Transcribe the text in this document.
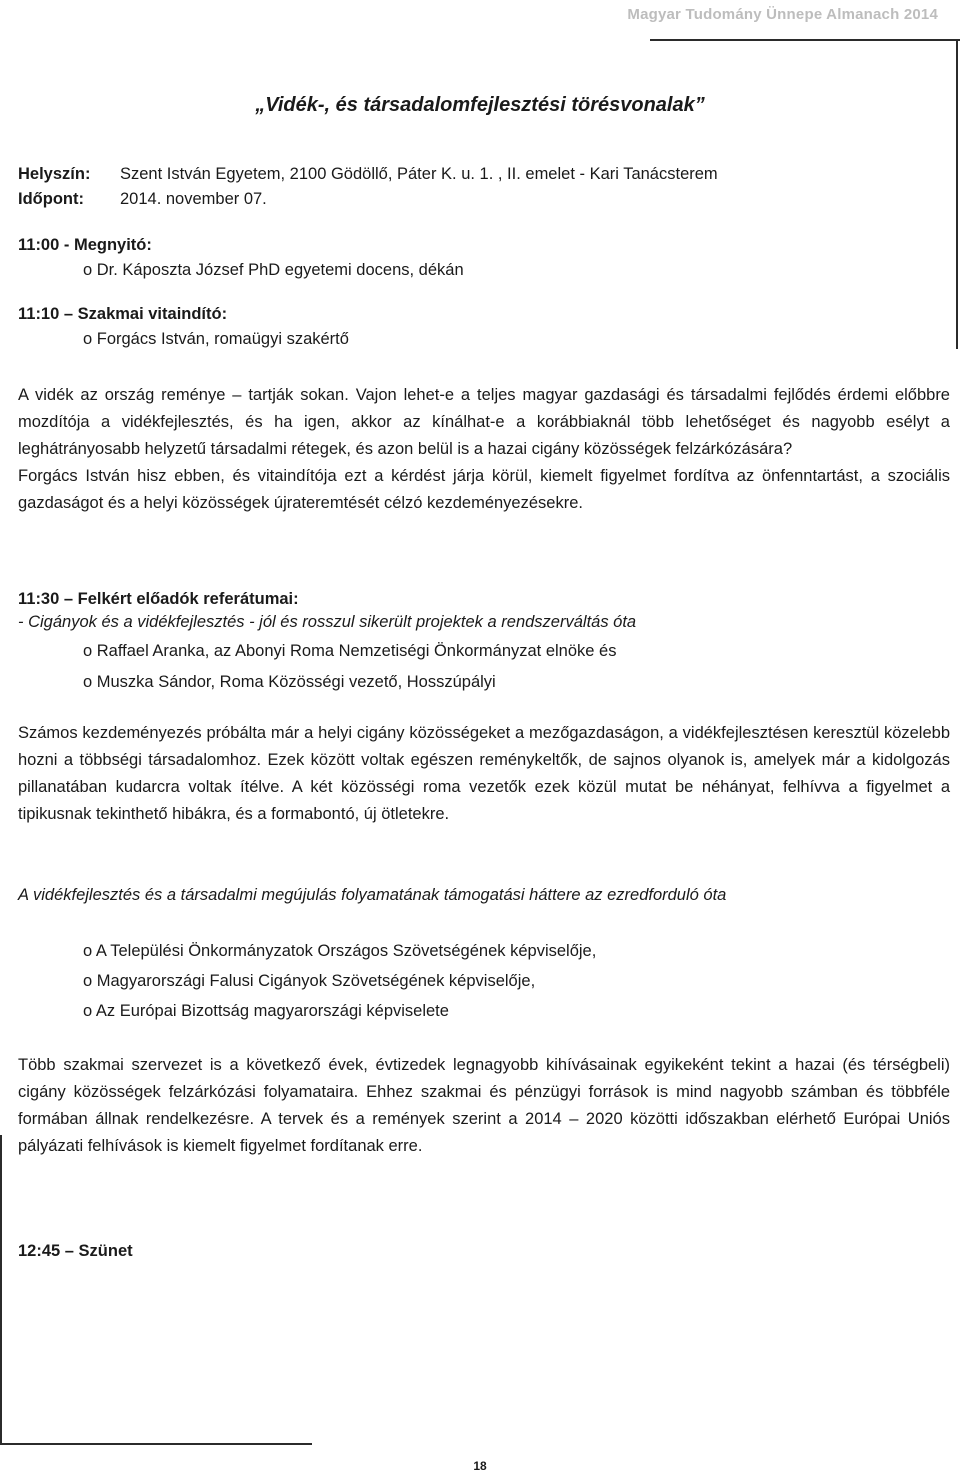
Magyar Tudomány Ünnepe Almanach 2014
„Vidék-, és társadalomfejlesztési törésvonalak”
Helyszín: Szent István Egyetem, 2100 Gödöllő, Páter K. u. 1. , II. emelet - Kari Tanácsterem
Időpont: 2014. november 07.
11:00 - Megnyitó:
o Dr. Káposzta József PhD egyetemi docens, dékán
11:10 – Szakmai vitaindító:
o Forgács István, romaügyi szakértő

A vidék az ország reménye – tartják sokan. Vajon lehet-e a teljes magyar gazdasági és társadalmi fejlődés érdemi előbbre mozdítója a vidékfejlesztés, és ha igen, akkor az kínálhat-e a korábbiaknál több lehetőséget és nagyobb esélyt a leghátrányosabb helyzetű társadalmi rétegek, és azon belül is a hazai cigány közösségek felzárkózására?

Forgács István hisz ebben, és vitaindítója ezt a kérdést járja körül, kiemelt figyelmet fordítva az önfenntartást, a szociális gazdaságot és a helyi közösségek újrateremtését célzó kezdeményezésekre.

11:30 – Felkért előadók referátumai:
- Cigányok és a vidékfejlesztés - jól és rosszul sikerült projektek a rendszerváltás óta
o Raffael Aranka, az Abonyi Roma Nemzetiségi Önkormányzat elnöke és
o Muszka Sándor, Roma Közösségi vezető, Hosszúpályi

Számos kezdeményezés próbálta már a helyi cigány közösségeket a mezőgazdaságon, a vidékfejlesztésen keresztül közelebb hozni a többségi társadalomhoz. Ezek között voltak egészen reménykeltők, de sajnos olyanok is, amelyek már a kidolgozás pillanatában kudarcra voltak ítélve. A két közösségi roma vezetők ezek közül mutat be néhányat, felhívva a figyelmet a tipikusnak tekinthető hibákra, és a formabontó, új ötletekre.

A vidékfejlesztés és a társadalmi megújulás folyamatának támogatási háttere az ezredforduló óta
o A Települési Önkormányzatok Országos Szövetségének képviselője,
o Magyarországi Falusi Cigányok Szövetségének képviselője,
o Az Európai Bizottság magyarországi képviselete

Több szakmai szervezet is a következő évek, évtizedek legnagyobb kihívásainak egyikeként tekint a hazai (és térségbeli) cigány közösségek felzárkózási folyamataira. Ehhez szakmai és pénzügyi források is mind nagyobb számban és többféle formában állnak rendelkezésre. A tervek és a remények szerint a 2014 – 2020 közötti időszakban elérhető Európai Uniós pályázati felhívások is kiemelt figyelmet fordítanak erre.

12:45 – Szünet
18
